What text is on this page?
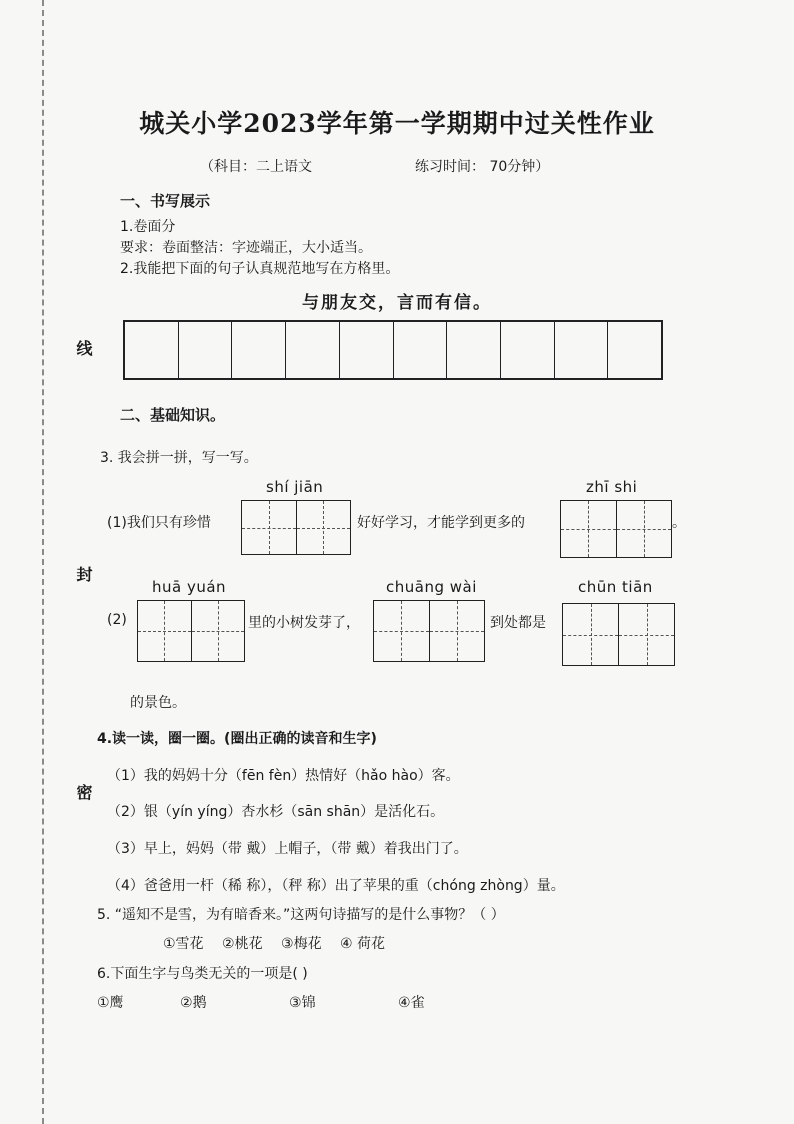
线
封
密
城关小学2023学年第一学期期中过关性作业
（科目：二上语文	练习时间： 70分钟）
一、书写展示
1.卷面分
要求：卷面整洁：字迹端正，大小适当。
2.我能把下面的句子认真规范地写在方格里。
与朋友交，言而有信。
二、基础知识。
3. 我会拼一拼，写一写。
shí jiān
(1)我们只有珍惜	好好学习，才能学到更多的
zhī shi
。
huā yuán
(2)	里的小树发芽了，
chuāng wài
到处都是
chūn tiān
的景色。
4.读一读，圈一圈。(圈出正确的读音和生字)
（1）我的妈妈十分（fēn fèn）热情好（hǎo hào）客。
（2）银（yín yíng）杏水杉（sān shān）是活化石。
（3）早上，妈妈（带 戴）上帽子，（带 戴）着我出门了。
（4）爸爸用一杆（稀 称），（秤 称）出了苹果的重（chóng zhòng）量。
5. “遥知不是雪，为有暗香来。”这两句诗描写的是什么事物？（ ）
①雪花 ②桃花 ③梅花 ④ 荷花
6.下面生字与鸟类无关的一项是( )
①鹰	②鹅	③锦	④雀
